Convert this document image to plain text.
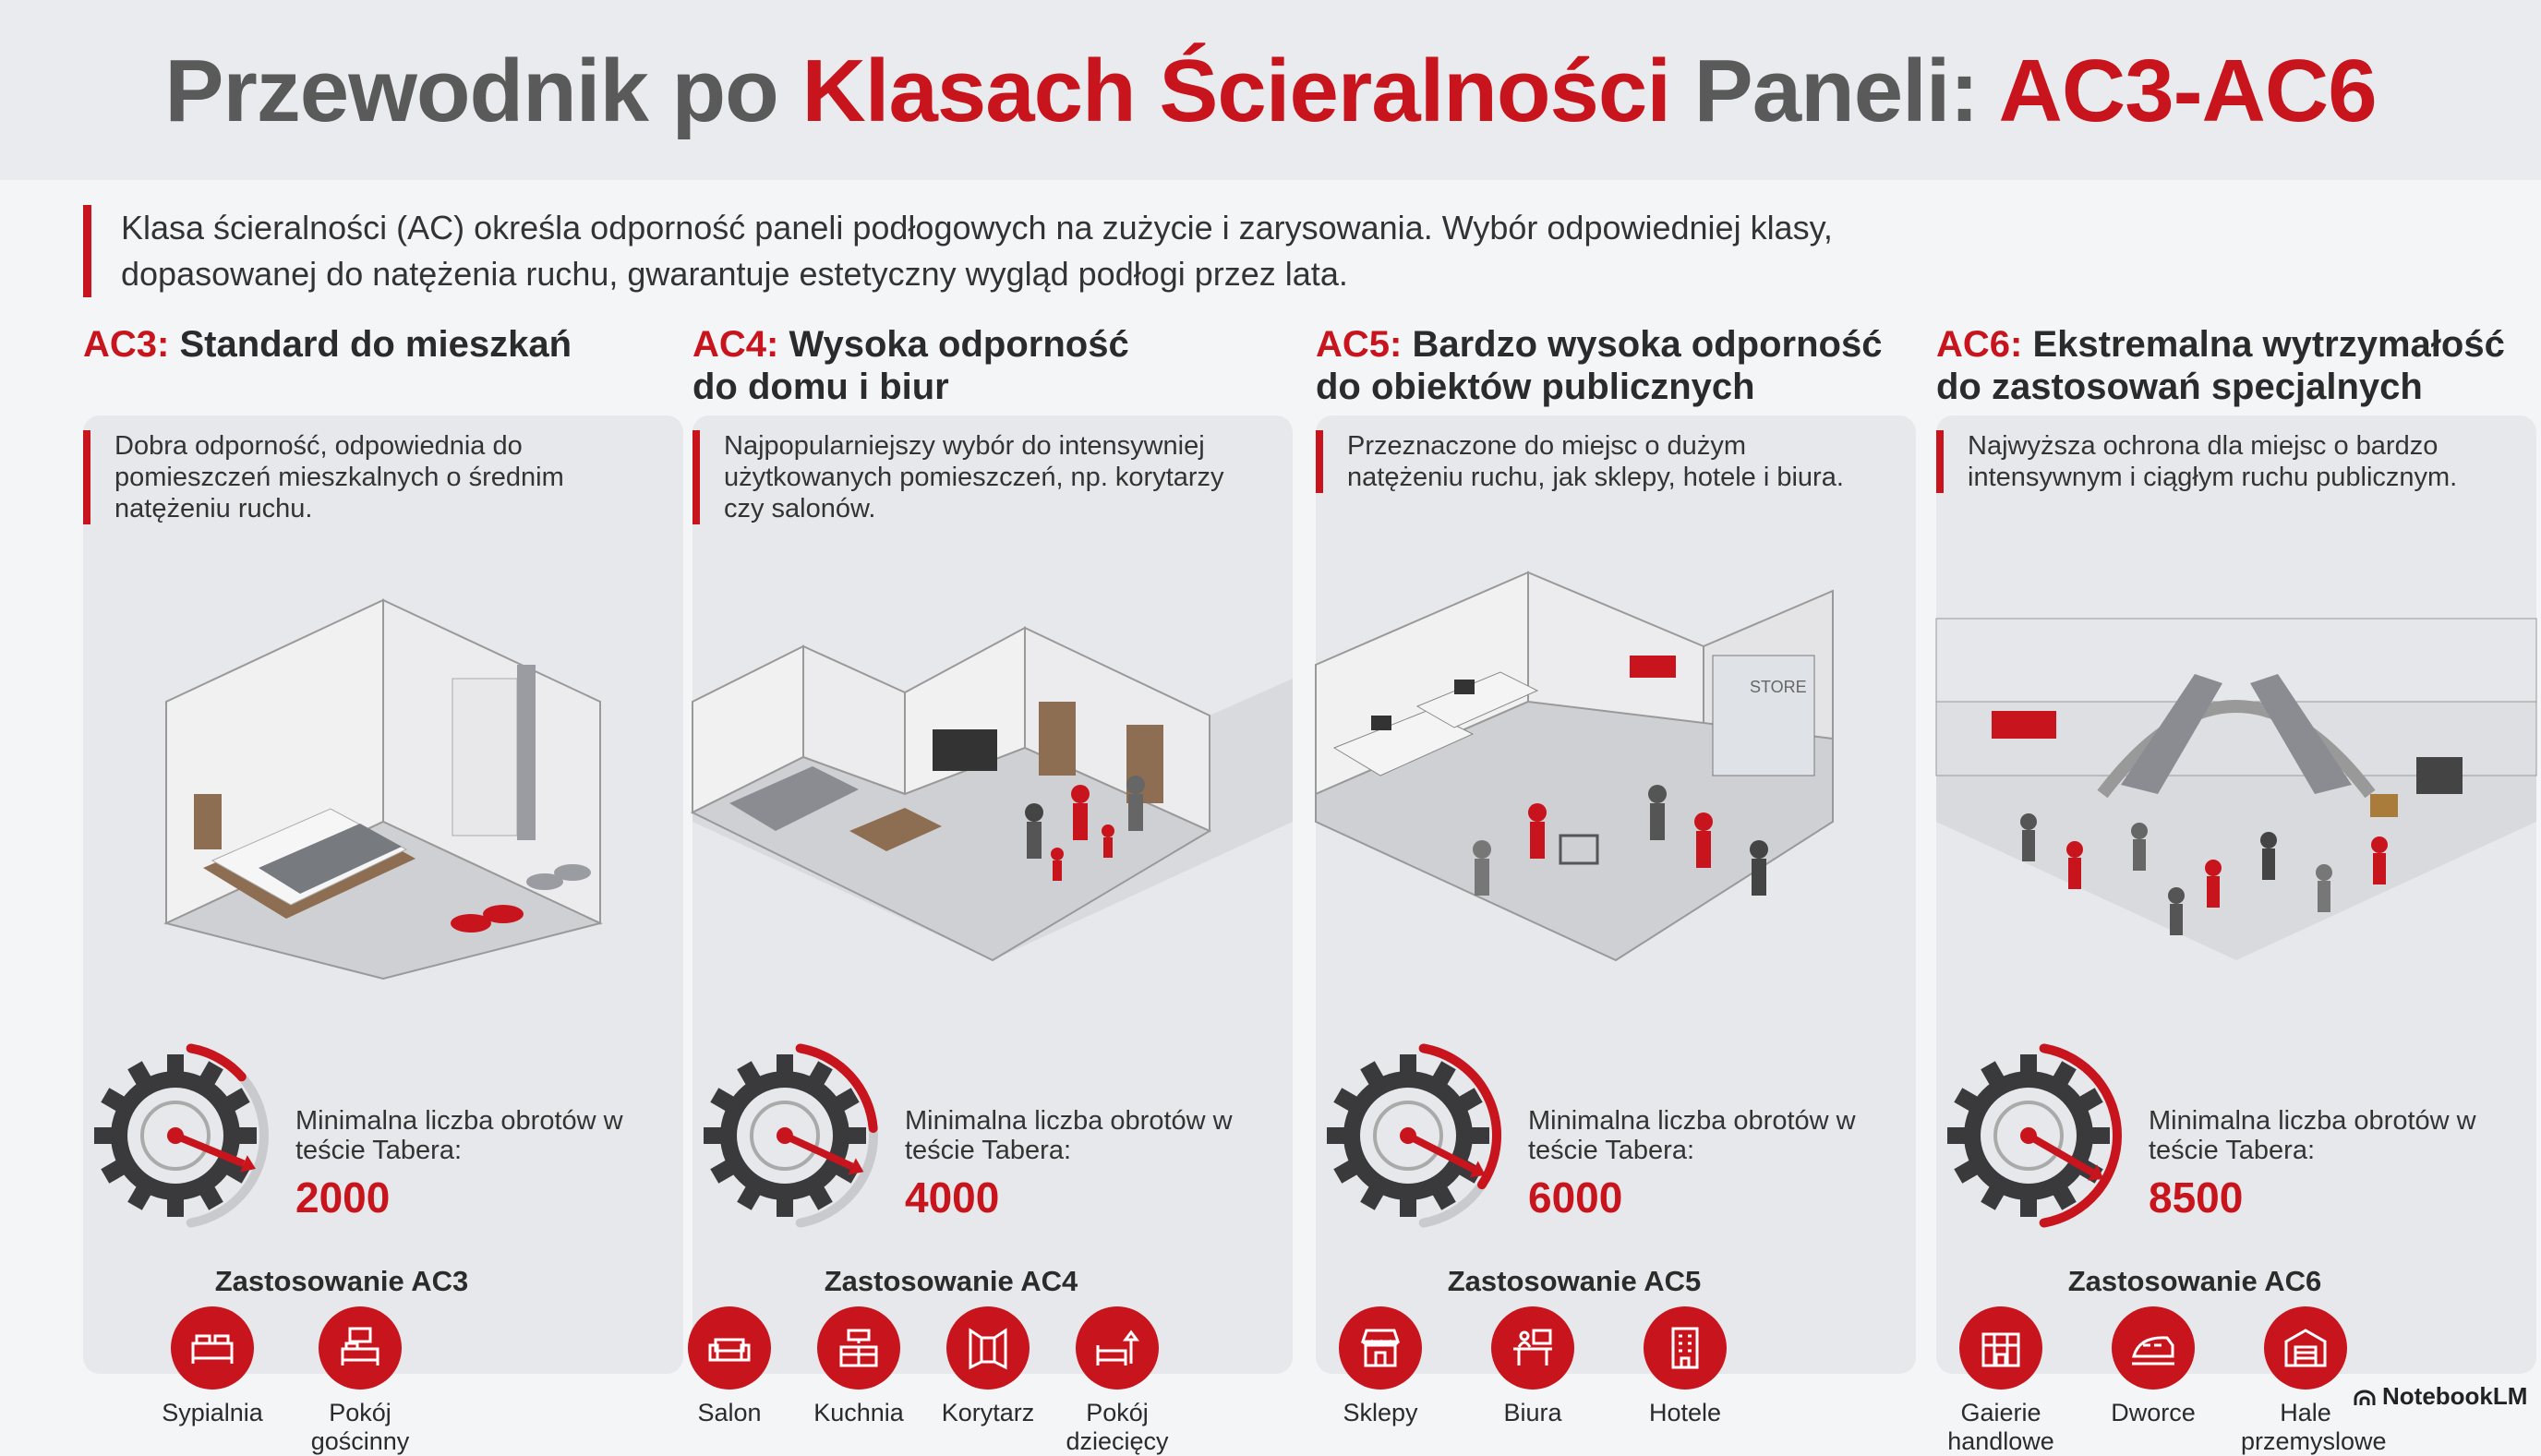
Przewodnik po Klasach Ścieralności Paneli: AC3-AC6

Klasa ścieralności (AC) określa odporność paneli podłogowych na zużycie i zarysowania. Wybór odpowiedniej klasy, dopasowanej do natężenia ruchu, gwarantuje estetyczny wygląd podłogi przez lata.

AC3: Standard do mieszkań

Dobra odporność, odpowiednia do pomieszczeń mieszkalnych o średnim natężeniu ruchu.

Minimalna liczba obrotów w teście Tabera:

2000

Zastosowanie AC3

Sypialnia	Pokój gościnny

AC4: Wysoka odporność
do domu i biur

Najpopularniejszy wybór do intensywniej użytkowanych pomieszczeń, np. korytarzy czy salonów.

Minimalna liczba obrotów w teście Tabera:

4000

Zastosowanie AC4

Salon	Kuchnia	Korytarz	Pokój dziecięcy

AC5: Bardzo wysoka odporność
do obiektów publicznych

Przeznaczone do miejsc o dużym natężeniu ruchu, jak sklepy, hotele i biura.

STORE

Minimalna liczba obrotów w teście Tabera:

6000

Zastosowanie AC5

Sklepy	Biura	Hotele

AC6: Ekstremalna wytrzymałość
do zastosowań specjalnych

Najwyższa ochrona dla miejsc o bardzo intensywnym i ciągłym ruchu publicznym.

Minimalna liczba obrotów w teście Tabera:

8500

Zastosowanie AC6

Gaierie handlowe

Dworce	Hale przemyslowe

NotebookLM
